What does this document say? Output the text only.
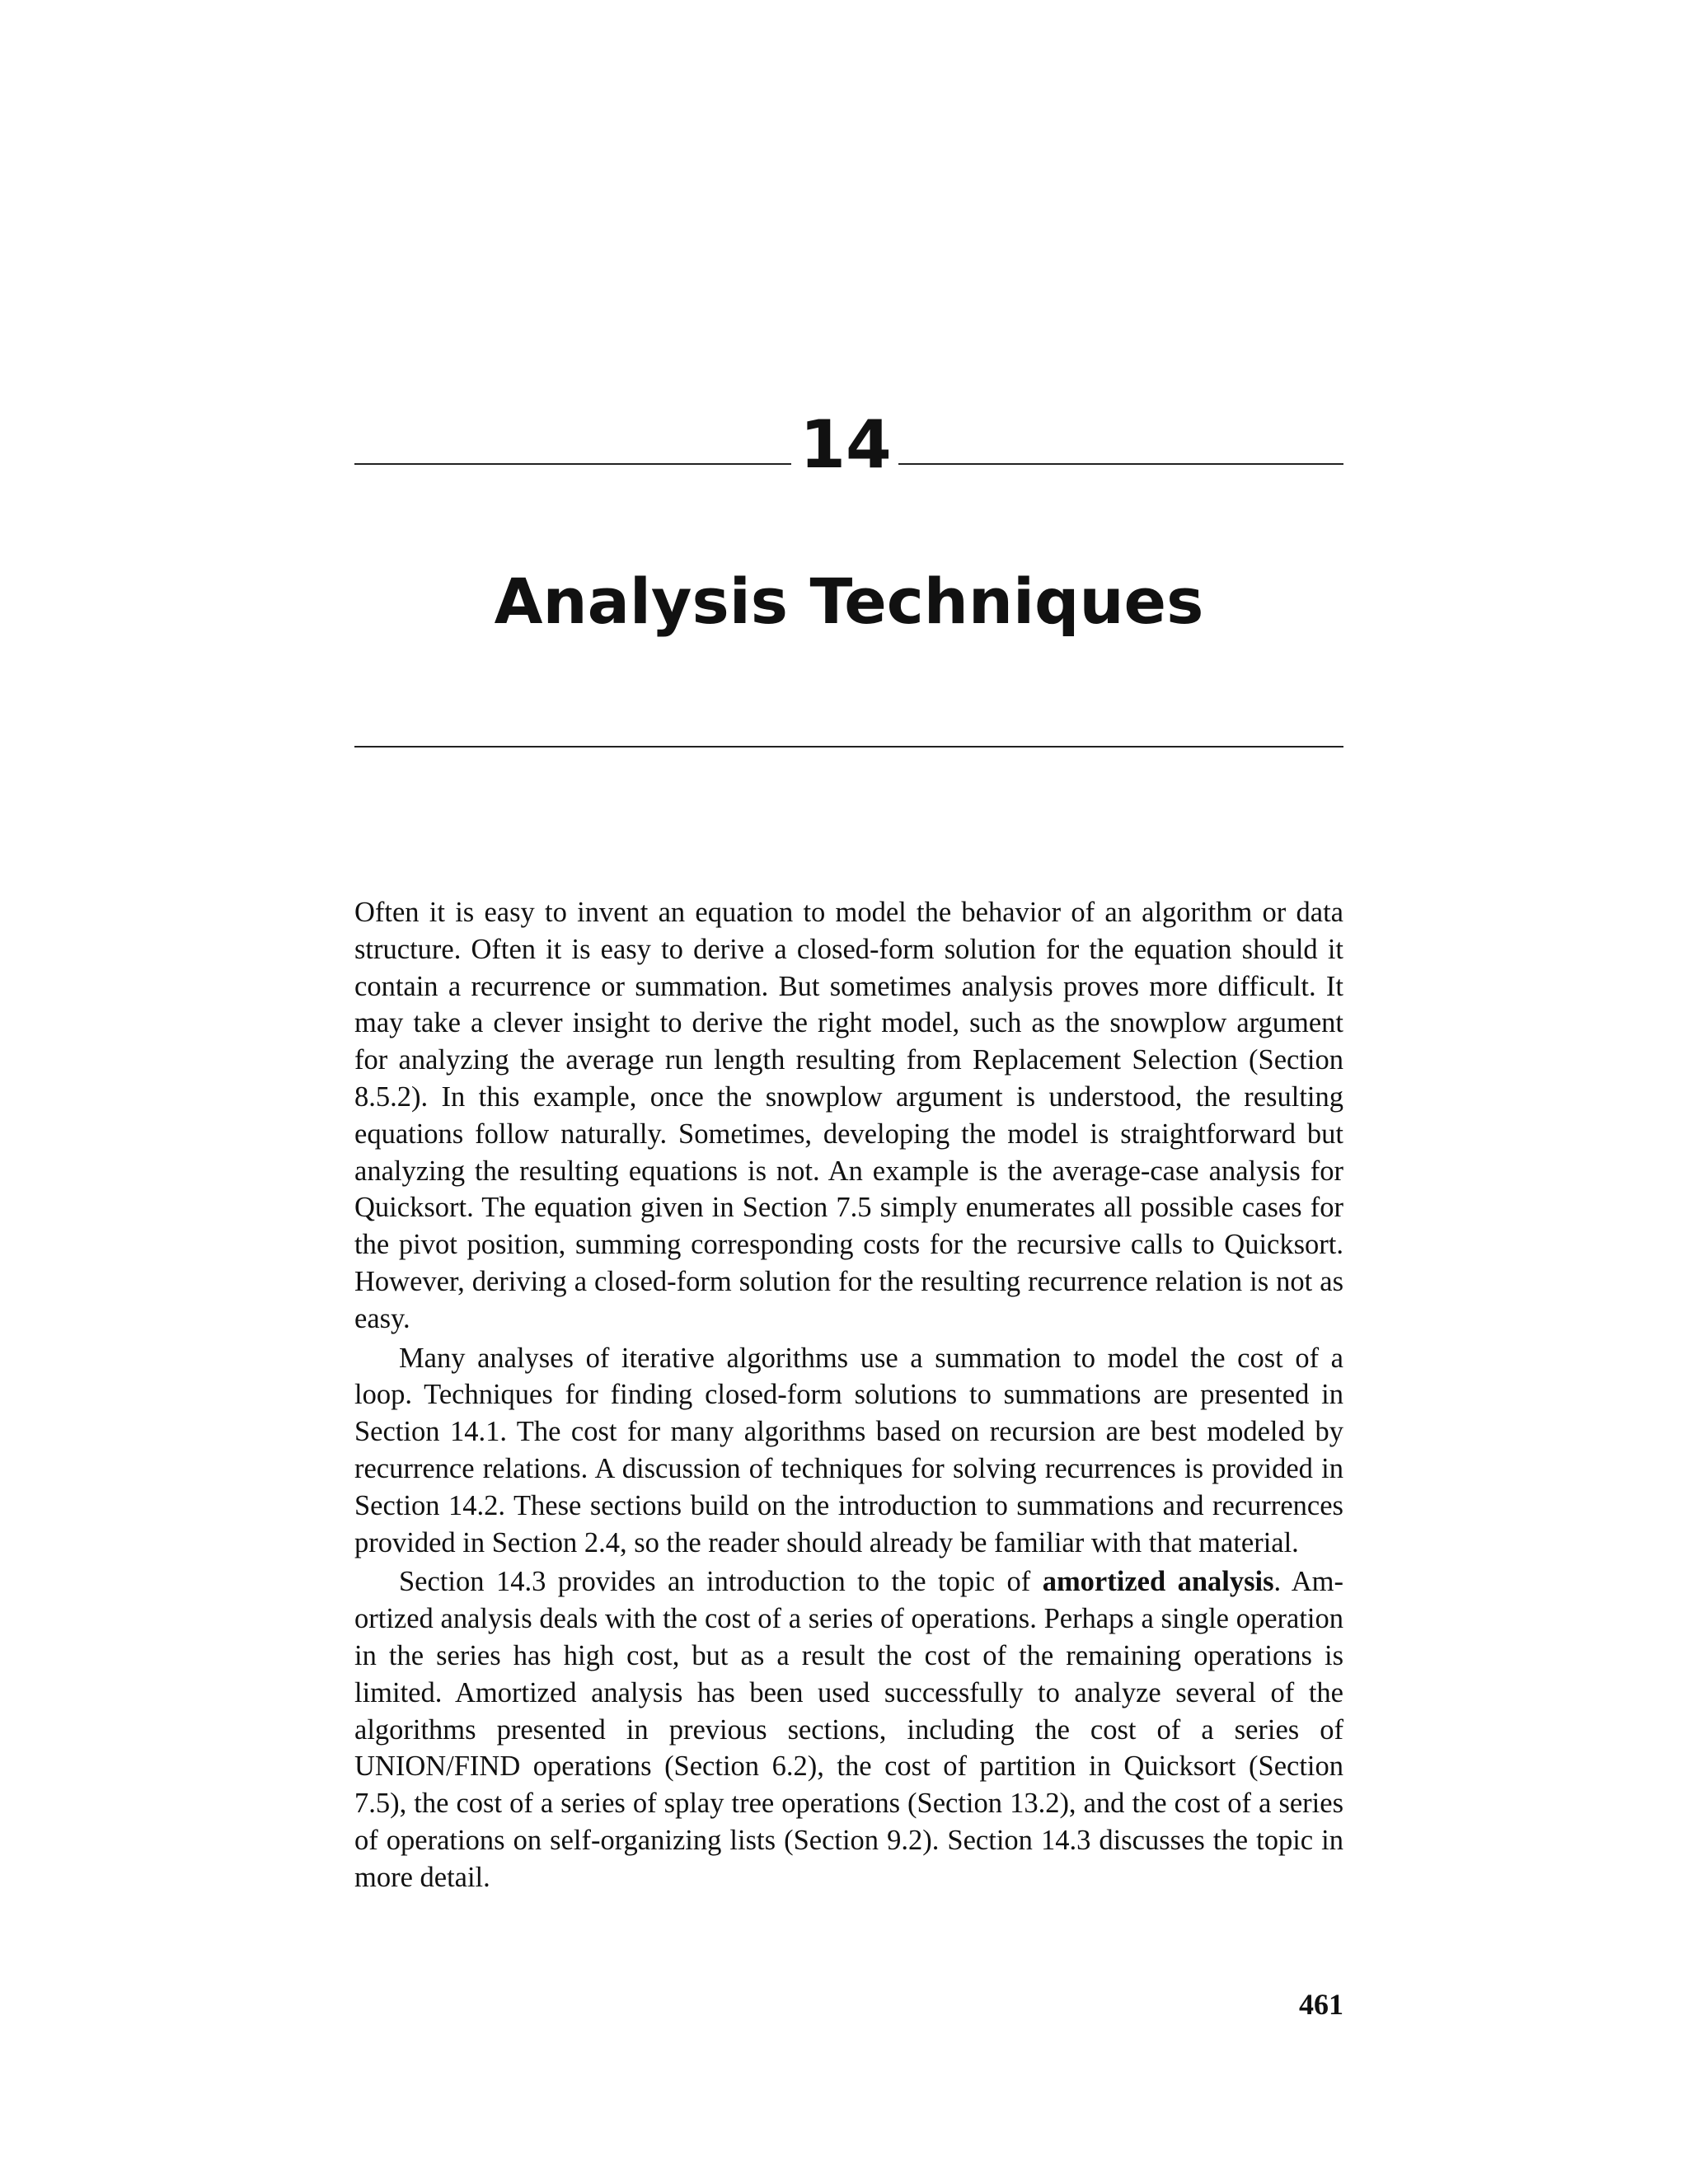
14
Analysis Techniques

Often it is easy to invent an equation to model the behavior of an algorithm or data structure. Often it is easy to derive a closed-form solution for the equation should it contain a recurrence or summation. But sometimes analysis proves more difficult. It may take a clever insight to derive the right model, such as the snowplow argument for analyzing the average run length resulting from Replacement Selection (Section 8.5.2). In this example, once the snowplow argument is understood, the resulting equations follow naturally. Sometimes, developing the model is straightforward but analyzing the resulting equations is not. An example is the average-case analysis for Quicksort. The equation given in Section 7.5 simply enumerates all possible cases for the pivot position, summing corresponding costs for the recursive calls to Quicksort. However, deriving a closed-form solution for the resulting recurrence relation is not as easy.

Many analyses of iterative algorithms use a summation to model the cost of a loop. Techniques for finding closed-form solutions to summations are presented in Section 14.1. The cost for many algorithms based on recursion are best modeled by recurrence relations. A discussion of techniques for solving recurrences is provided in Section 14.2. These sections build on the introduction to summations and recurrences provided in Section 2.4, so the reader should already be familiar with that material.

Section 14.3 provides an introduction to the topic of amortized analysis. Amortized analysis deals with the cost of a series of operations. Perhaps a single operation in the series has high cost, but as a result the cost of the remaining operations is limited. Amortized analysis has been used successfully to analyze several of the algorithms presented in previous sections, including the cost of a series of UNION/FIND operations (Section 6.2), the cost of partition in Quicksort (Section 7.5), the cost of a series of splay tree operations (Section 13.2), and the cost of a series of operations on self-organizing lists (Section 9.2). Section 14.3 discusses the topic in more detail.

461
